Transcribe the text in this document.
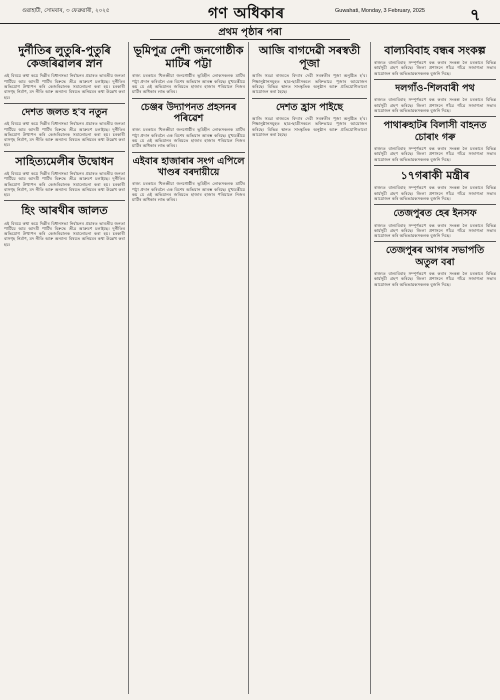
গুৱাহাটী, সোমবাৰ, ৩ ফেব্ৰুৱাৰী, ২০২৫	গণ অধিকাৰ	Guwahati, Monday, 3 February, 2025	৭
প্ৰথম পৃষ্ঠাৰ পৰা
দুৰ্নীতিৰ লুতুৰি-পুতুৰি কেজৰিৱালৰ স্নান

এই বিষয়ে কথা কয়ে দিল্লীৰ বিধানসভা নিৰ্বাচনৰ প্ৰচাৰত ভাৰতীয় জনতা পাৰ্টিয়ে আম আদমী পাৰ্টিৰ বিৰুদ্ধে তীব্ৰ আক্ৰমণ চলাইছে। দুৰ্নীতিৰ অভিযোগ উত্থাপন কৰি কেজৰিৱালক সমালোচনা কৰা হয়। চৰকাৰী বাসগৃহ নিৰ্মাণ, মদ নীতি আৰু অন্যান্য বিষয়ত অনিয়মৰ কথা উল্লেখ কৰা হয়।

দেশত জলত হ'ব নতুন

এই বিষয়ে কথা কয়ে দিল্লীৰ বিধানসভা নিৰ্বাচনৰ প্ৰচাৰত ভাৰতীয় জনতা পাৰ্টিয়ে আম আদমী পাৰ্টিৰ বিৰুদ্ধে তীব্ৰ আক্ৰমণ চলাইছে। দুৰ্নীতিৰ অভিযোগ উত্থাপন কৰি কেজৰিৱালক সমালোচনা কৰা হয়। চৰকাৰী বাসগৃহ নিৰ্মাণ, মদ নীতি আৰু অন্যান্য বিষয়ত অনিয়মৰ কথা উল্লেখ কৰা হয়।

সাহিত্যমেলীৰ উদ্বোধন

এই বিষয়ে কথা কয়ে দিল্লীৰ বিধানসভা নিৰ্বাচনৰ প্ৰচাৰত ভাৰতীয় জনতা পাৰ্টিয়ে আম আদমী পাৰ্টিৰ বিৰুদ্ধে তীব্ৰ আক্ৰমণ চলাইছে। দুৰ্নীতিৰ অভিযোগ উত্থাপন কৰি কেজৰিৱালক সমালোচনা কৰা হয়। চৰকাৰী বাসগৃহ নিৰ্মাণ, মদ নীতি আৰু অন্যান্য বিষয়ত অনিয়মৰ কথা উল্লেখ কৰা হয়।

হিং আৰথীৰ জালত

এই বিষয়ে কথা কয়ে দিল্লীৰ বিধানসভা নিৰ্বাচনৰ প্ৰচাৰত ভাৰতীয় জনতা পাৰ্টিয়ে আম আদমী পাৰ্টিৰ বিৰুদ্ধে তীব্ৰ আক্ৰমণ চলাইছে। দুৰ্নীতিৰ অভিযোগ উত্থাপন কৰি কেজৰিৱালক সমালোচনা কৰা হয়। চৰকাৰী বাসগৃহ নিৰ্মাণ, মদ নীতি আৰু অন্যান্য বিষয়ত অনিয়মৰ কথা উল্লেখ কৰা হয়।

ভূমিপুত্ৰ দেশী জনগোষ্ঠীক মাটিৰ পট্টা

ৰাজ্য চৰকাৰে খিলঞ্জীয়া জনগোষ্ঠীৰ ভূমিহীন লোকসকলক মাটিৰ পট্টা প্ৰদান কৰিবলৈ এক বিশেষ অভিযান আৰম্ভ কৰিছে। মুখ্যমন্ত্ৰীয়ে কয় যে এই অভিযানৰ জৰিয়তে হাজাৰ হাজাৰ পৰিয়ালে নিজৰ মাটিৰ অধিকাৰ লাভ কৰিব।

চেঞ্জৰ উদ্যাপনত প্ৰহসনৰ পৰিৱেশ

ৰাজ্য চৰকাৰে খিলঞ্জীয়া জনগোষ্ঠীৰ ভূমিহীন লোকসকলক মাটিৰ পট্টা প্ৰদান কৰিবলৈ এক বিশেষ অভিযান আৰম্ভ কৰিছে। মুখ্যমন্ত্ৰীয়ে কয় যে এই অভিযানৰ জৰিয়তে হাজাৰ হাজাৰ পৰিয়ালে নিজৰ মাটিৰ অধিকাৰ লাভ কৰিব।

এইবাৰ হাজাৰাৰ সংগ এপিলে খাণ্ডৰ বৰদায়ীয়ে

ৰাজ্য চৰকাৰে খিলঞ্জীয়া জনগোষ্ঠীৰ ভূমিহীন লোকসকলক মাটিৰ পট্টা প্ৰদান কৰিবলৈ এক বিশেষ অভিযান আৰম্ভ কৰিছে। মুখ্যমন্ত্ৰীয়ে কয় যে এই অভিযানৰ জৰিয়তে হাজাৰ হাজাৰ পৰিয়ালে নিজৰ মাটিৰ অধিকাৰ লাভ কৰিব।

আজি বাগদেৱী সৰস্বতী পূজা

আজি সমগ্ৰ ৰাজ্যতে বিদ্যাৰ দেৱী সৰস্বতীৰ পূজা অনুষ্ঠিত হ'ব। শিক্ষানুষ্ঠানসমূহত ছাত্ৰ-ছাত্ৰীসকলে ভক্তিভাৱে পূজাৰ আয়োজন কৰিছে। বিভিন্ন স্থানত সাংস্কৃতিক অনুষ্ঠান আৰু প্ৰতিযোগিতাৰো আয়োজন কৰা হৈছে।

দেশত হ্ৰাস পাইছে

আজি সমগ্ৰ ৰাজ্যতে বিদ্যাৰ দেৱী সৰস্বতীৰ পূজা অনুষ্ঠিত হ'ব। শিক্ষানুষ্ঠানসমূহত ছাত্ৰ-ছাত্ৰীসকলে ভক্তিভাৱে পূজাৰ আয়োজন কৰিছে। বিভিন্ন স্থানত সাংস্কৃতিক অনুষ্ঠান আৰু প্ৰতিযোগিতাৰো আয়োজন কৰা হৈছে।

বাল্যবিবাহ বন্ধৰ সংকল্প

ৰাজ্যত বাল্যবিবাহ সম্পূৰ্ণৰূপে বন্ধ কৰাৰ সংকল্প লৈ চৰকাৰে বিভিন্ন কাৰ্যসূচী গ্ৰহণ কৰিছে। জিলা প্ৰশাসনে গাঁৱে গাঁৱে সজাগতা সভাৰ আয়োজন কৰি অভিভাৱকসকলক বুজনি দিছে।

দলগাঁও-শিলবাৰী পথ

ৰাজ্যত বাল্যবিবাহ সম্পূৰ্ণৰূপে বন্ধ কৰাৰ সংকল্প লৈ চৰকাৰে বিভিন্ন কাৰ্যসূচী গ্ৰহণ কৰিছে। জিলা প্ৰশাসনে গাঁৱে গাঁৱে সজাগতা সভাৰ আয়োজন কৰি অভিভাৱকসকলক বুজনি দিছে।

পাথাৰুহাটৰ বিলাসী বাহনত চোৰাং গৰু

ৰাজ্যত বাল্যবিবাহ সম্পূৰ্ণৰূপে বন্ধ কৰাৰ সংকল্প লৈ চৰকাৰে বিভিন্ন কাৰ্যসূচী গ্ৰহণ কৰিছে। জিলা প্ৰশাসনে গাঁৱে গাঁৱে সজাগতা সভাৰ আয়োজন কৰি অভিভাৱকসকলক বুজনি দিছে।

১৭গৰাকী মন্ত্ৰীৰ

ৰাজ্যত বাল্যবিবাহ সম্পূৰ্ণৰূপে বন্ধ কৰাৰ সংকল্প লৈ চৰকাৰে বিভিন্ন কাৰ্যসূচী গ্ৰহণ কৰিছে। জিলা প্ৰশাসনে গাঁৱে গাঁৱে সজাগতা সভাৰ আয়োজন কৰি অভিভাৱকসকলক বুজনি দিছে।

তেজপুৰত হেৰ ইনসফ

ৰাজ্যত বাল্যবিবাহ সম্পূৰ্ণৰূপে বন্ধ কৰাৰ সংকল্প লৈ চৰকাৰে বিভিন্ন কাৰ্যসূচী গ্ৰহণ কৰিছে। জিলা প্ৰশাসনে গাঁৱে গাঁৱে সজাগতা সভাৰ আয়োজন কৰি অভিভাৱকসকলক বুজনি দিছে।

তেজপুৰৰ আগৰ সভাপতি অতুল বৰা

ৰাজ্যত বাল্যবিবাহ সম্পূৰ্ণৰূপে বন্ধ কৰাৰ সংকল্প লৈ চৰকাৰে বিভিন্ন কাৰ্যসূচী গ্ৰহণ কৰিছে। জিলা প্ৰশাসনে গাঁৱে গাঁৱে সজাগতা সভাৰ আয়োজন কৰি অভিভাৱকসকলক বুজনি দিছে।
